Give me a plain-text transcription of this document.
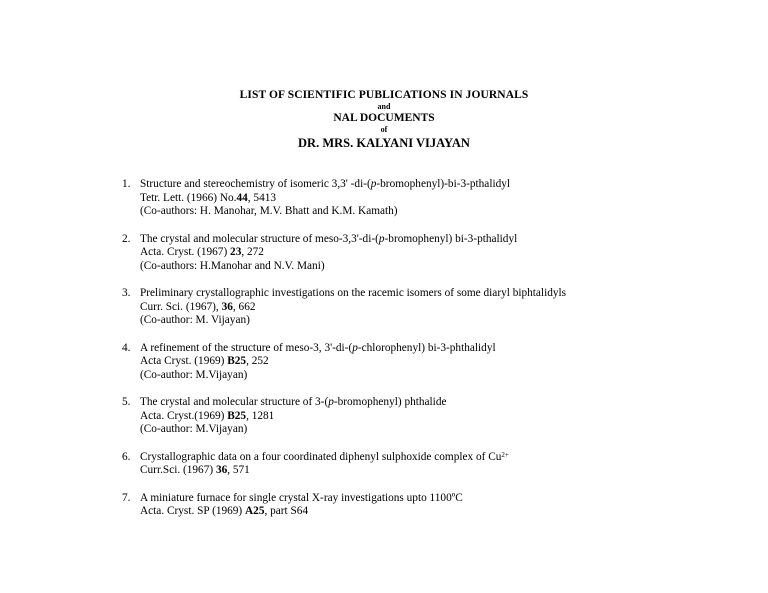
LIST OF SCIENTIFIC PUBLICATIONS IN JOURNALS
and
NAL DOCUMENTS
of
DR. MRS. KALYANI VIJAYAN
1. Structure and stereochemistry of isomeric 3,3' -di-(p-bromophenyl)-bi-3-pthalidyl
Tetr. Lett. (1966) No.44, 5413
(Co-authors: H. Manohar, M.V. Bhatt and K.M. Kamath)
2. The crystal and molecular structure of meso-3,3'-di-(p-bromophenyl) bi-3-pthalidyl
Acta. Cryst. (1967) 23, 272
(Co-authors: H.Manohar and N.V. Mani)
3. Preliminary crystallographic investigations on the racemic isomers of some diaryl biphtalidyls
Curr. Sci. (1967), 36, 662
(Co-author: M. Vijayan)
4. A refinement of the structure of meso-3, 3'-di-(p-chlorophenyl) bi-3-phthalidyl
Acta Cryst. (1969) B25, 252
(Co-author: M.Vijayan)
5. The crystal and molecular structure of 3-(p-bromophenyl) phthalide
Acta. Cryst.(1969) B25, 1281
(Co-author: M.Vijayan)
6. Crystallographic data on a four coordinated diphenyl sulphoxide complex of $Cu^{2+}$
Curr.Sci. (1967) 36, 571
7. A miniature furnace for single crystal X-ray investigations upto 1100ºC
Acta. Cryst. SP (1969) A25, part S64
